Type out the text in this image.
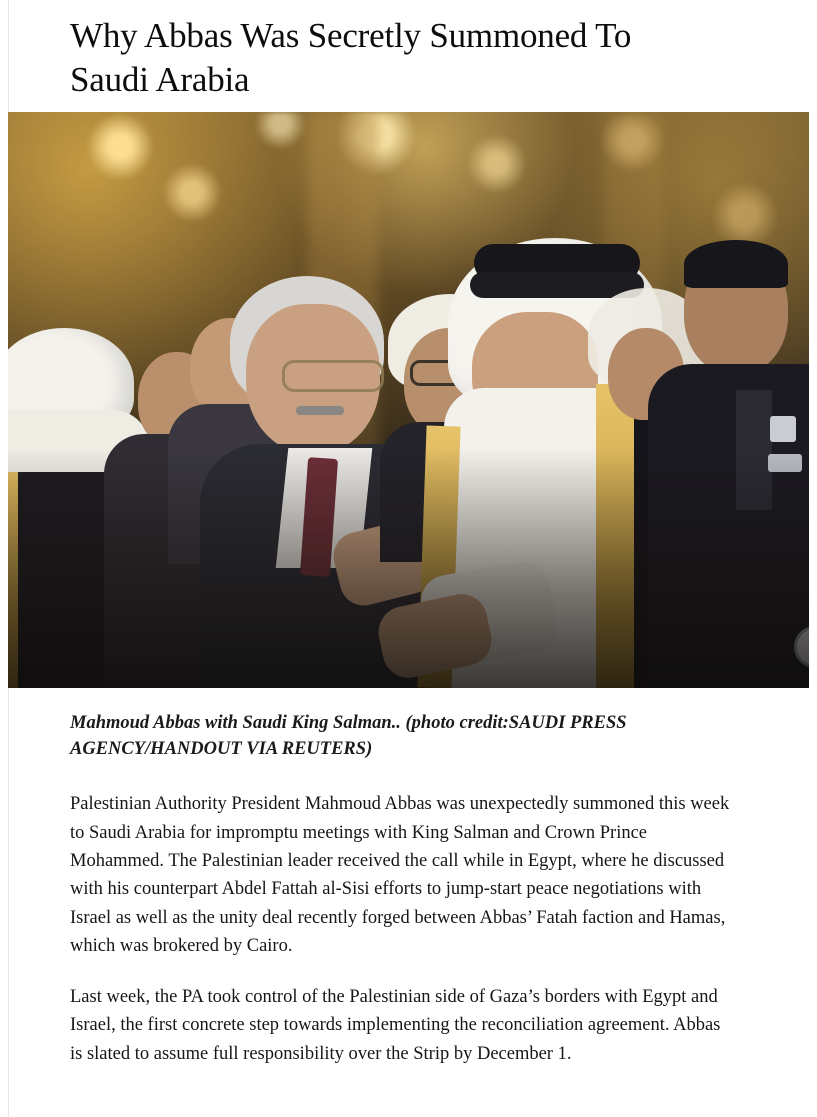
Why Abbas Was Secretly Summoned To Saudi Arabia
Mahmoud Abbas with Saudi King Salman.. (photo credit:SAUDI PRESS AGENCY/HANDOUT VIA REUTERS)

Palestinian Authority President Mahmoud Abbas was unexpectedly summoned this week to Saudi Arabia for impromptu meetings with King Salman and Crown Prince Mohammed. The Palestinian leader received the call while in Egypt, where he discussed with his counterpart Abdel Fattah al-Sisi efforts to jump-start peace negotiations with Israel as well as the unity deal recently forged between Abbas’ Fatah faction and Hamas, which was brokered by Cairo.

Last week, the PA took control of the Palestinian side of Gaza’s borders with Egypt and Israel, the first concrete step towards implementing the reconciliation agreement. Abbas is slated to assume full responsibility over the Strip by December 1.
